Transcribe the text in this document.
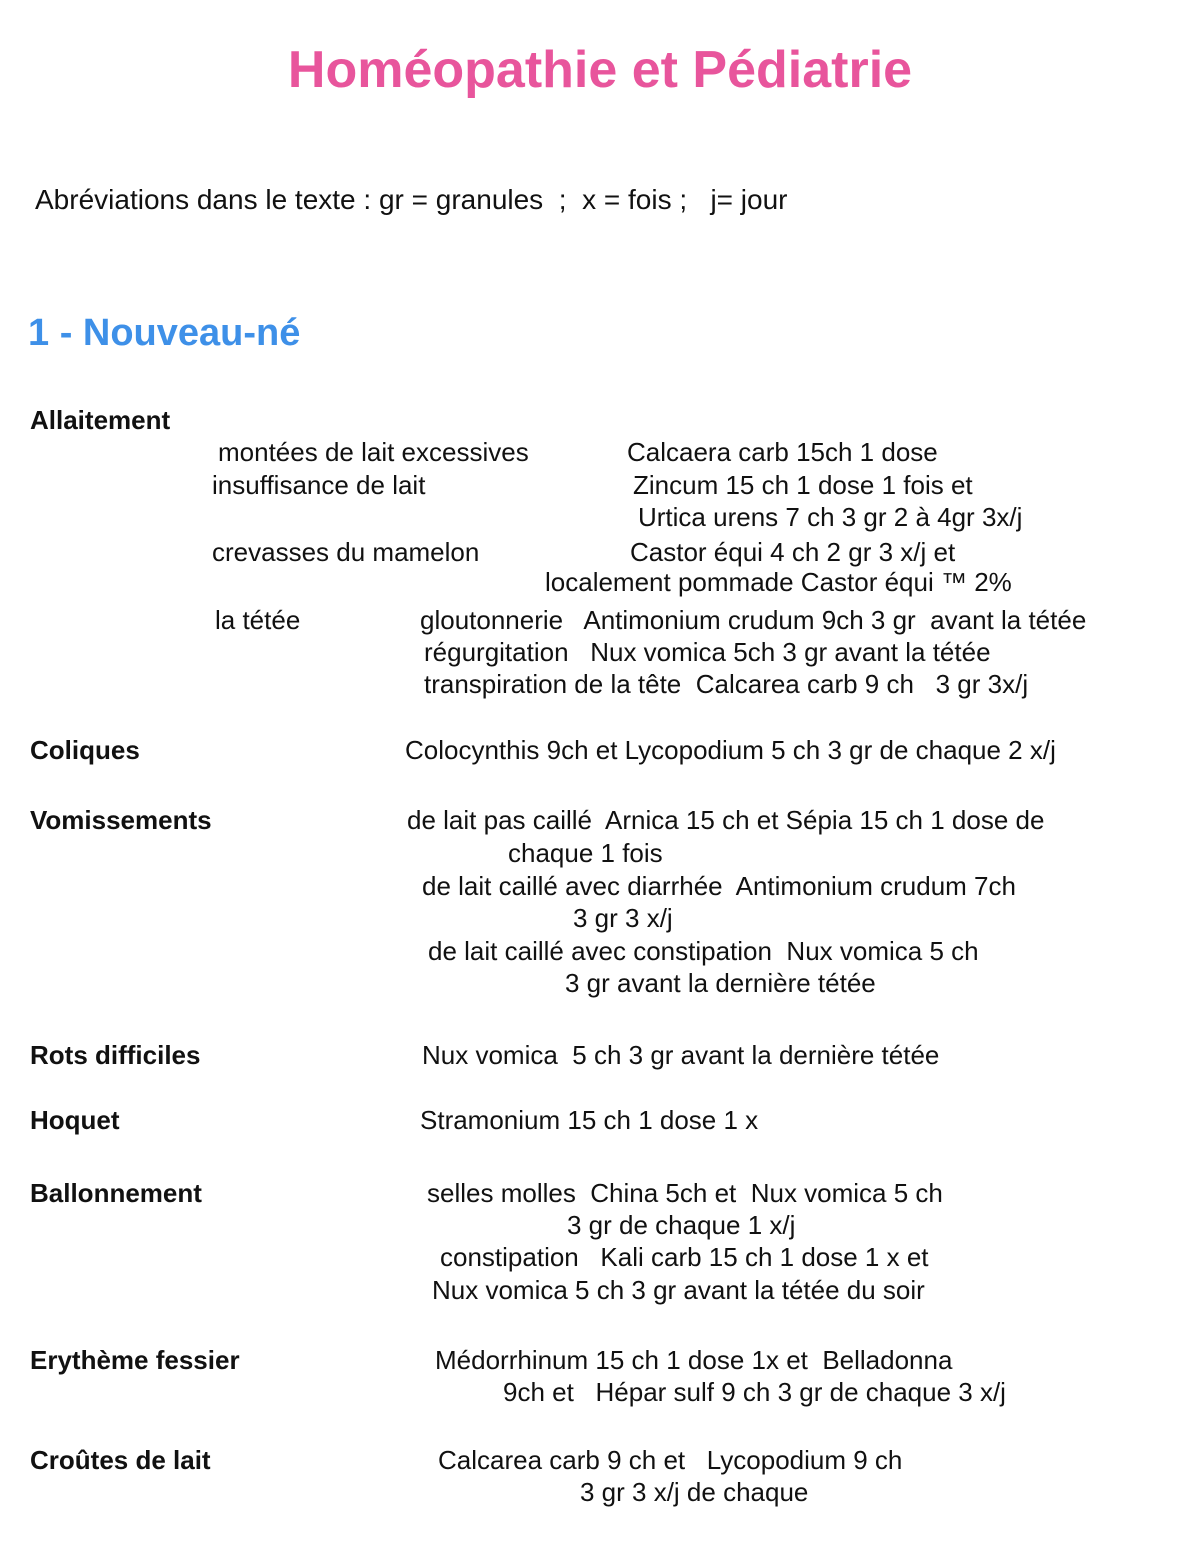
Homéopathie et Pédiatrie
Abréviations dans le texte : gr = granules  ;  x = fois ;   j= jour
1 - Nouveau-né
Allaitement
montées de lait excessives	Calcaera carb 15ch 1 dose
insuffisance de lait	Zincum 15 ch 1 dose 1 fois et
Urtica urens 7 ch 3 gr 2 à 4gr 3x/j
crevasses du mamelon	Castor équi 4 ch 2 gr 3 x/j et
localement pommade Castor équi ™ 2%
la tétée	gloutonnerie   Antimonium crudum 9ch 3 gr  avant la tétée
régurgitation   Nux vomica 5ch 3 gr avant la tétée
transpiration de la tête  Calcarea carb 9 ch   3 gr 3x/j
Coliques	Colocynthis 9ch et Lycopodium 5 ch 3 gr de chaque 2 x/j
Vomissements	de lait pas caillé  Arnica 15 ch et Sépia 15 ch 1 dose de
chaque 1 fois
de lait caillé avec diarrhée  Antimonium crudum 7ch
3 gr 3 x/j
de lait caillé avec constipation  Nux vomica 5 ch
3 gr avant la dernière tétée
Rots difficiles	Nux vomica  5 ch 3 gr avant la dernière tétée
Hoquet	Stramonium 15 ch 1 dose 1 x
Ballonnement	selles molles  China 5ch et  Nux vomica 5 ch
3 gr de chaque 1 x/j
constipation   Kali carb 15 ch 1 dose 1 x et
Nux vomica 5 ch 3 gr avant la tétée du soir
Erythème fessier	Médorrhinum 15 ch 1 dose 1x et  Belladonna
9ch et   Hépar sulf 9 ch 3 gr de chaque 3 x/j
Croûtes de lait	Calcarea carb 9 ch et   Lycopodium 9 ch
3 gr 3 x/j de chaque
